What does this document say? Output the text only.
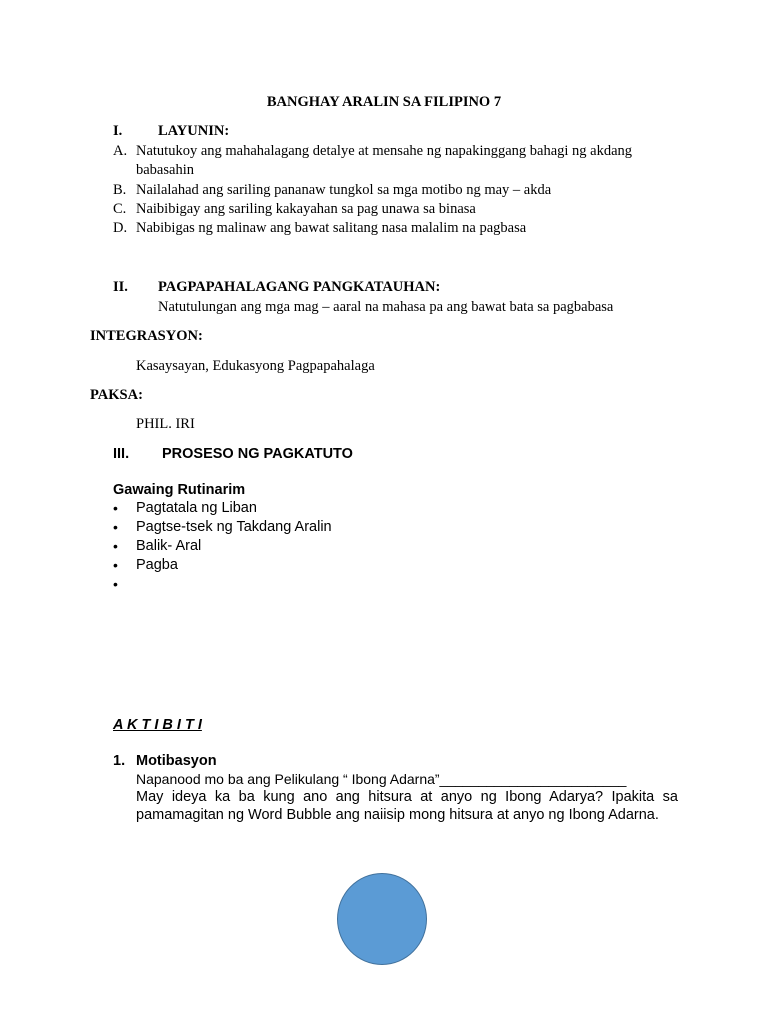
BANGHAY ARALIN SA FILIPINO 7
I. LAYUNIN:
A. Natutukoy ang mahahalagang detalye at mensahe ng napakinggang bahagi ng akdang
babasahin
B. Nailalahad ang sariling pananaw tungkol sa mga motibo ng may – akda
C. Naibibigay ang sariling kakayahan sa pag unawa sa binasa
D. Nabibigas ng malinaw ang bawat salitang nasa malalim na pagbasa
II. PAGPAPAHALAGANG PANGKATAUHAN:
Natutulungan ang mga mag – aaral na mahasa pa ang bawat bata sa pagbabasa
INTEGRASYON:
Kasaysayan, Edukasyong Pagpapahalaga
PAKSA:
PHIL. IRI
III. PROSESO NG PAGKATUTO
Gawaing Rutinarim
• Pagtatala ng Liban
• Pagtse-tsek ng Takdang Aralin
• Balik- Aral
• Pagba
•
A K T I B I T I
1. Motibasyon
Napanood mo ba ang Pelikulang “ Ibong Adarna”________________________
May ideya ka ba kung ano ang hitsura at anyo ng Ibong Adarya? Ipakita sa
pamamagitan ng Word Bubble ang naiisip mong hitsura at anyo ng Ibong Adarna.
